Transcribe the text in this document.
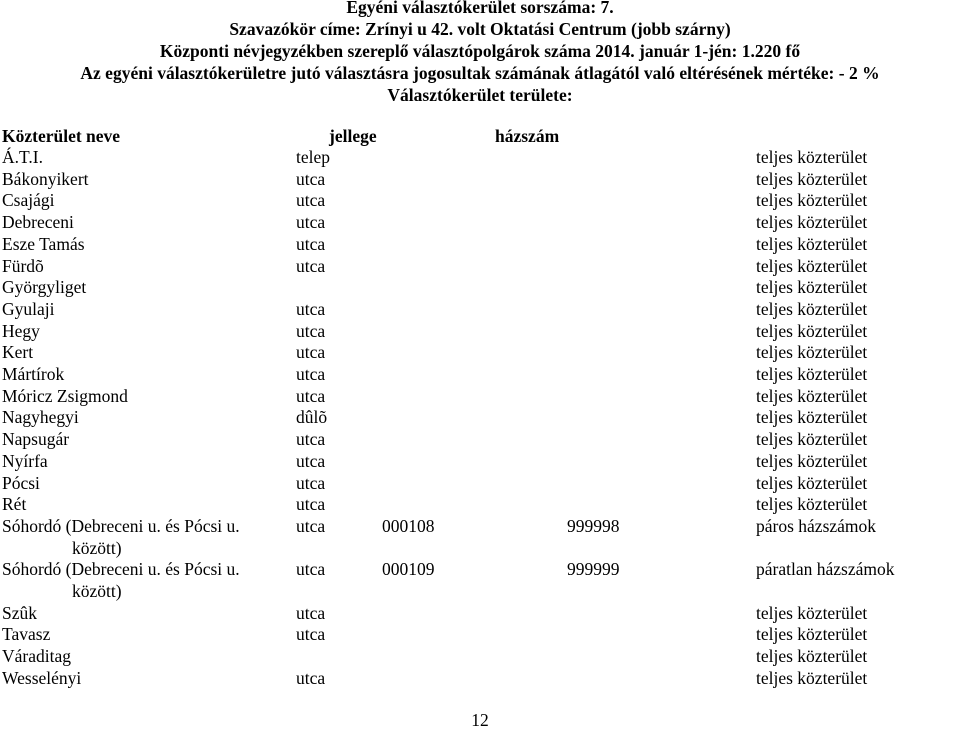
Egyéni választókerület sorszáma: 7.
Szavazókör címe: Zrínyi u 42. volt Oktatási Centrum (jobb szárny)
Központi névjegyzékben szereplő választópolgárok száma 2014. január 1-jén: 1.220 fő
Az egyéni választókerületre jutó választásra jogosultak számának átlagától való eltérésének mértéke: - 2 %
Választókerület területe:
Közterület neve	jellege	házszám
Á.T.I.	telep	teljes közterület
Bákonyikert	utca	teljes közterület
Csajági	utca	teljes közterület
Debreceni	utca	teljes közterület
Esze Tamás	utca	teljes közterület
Fürdõ	utca	teljes közterület
Györgyliget	teljes közterület
Gyulaji	utca	teljes közterület
Hegy	utca	teljes közterület
Kert	utca	teljes közterület
Mártírok	utca	teljes közterület
Móricz Zsigmond	utca	teljes közterület
Nagyhegyi	dûlõ	teljes közterület
Napsugár	utca	teljes közterület
Nyírfa	utca	teljes közterület
Pócsi	utca	teljes közterület
Rét	utca	teljes közterület
Sóhordó (Debreceni u. és Pócsi u.	utca	000108	999998	páros házszámok
között)
Sóhordó (Debreceni u. és Pócsi u.	utca	000109	999999	páratlan házszámok
között)
Szûk	utca	teljes közterület
Tavasz	utca	teljes közterület
Váraditag	teljes közterület
Wesselényi	utca	teljes közterület
12
